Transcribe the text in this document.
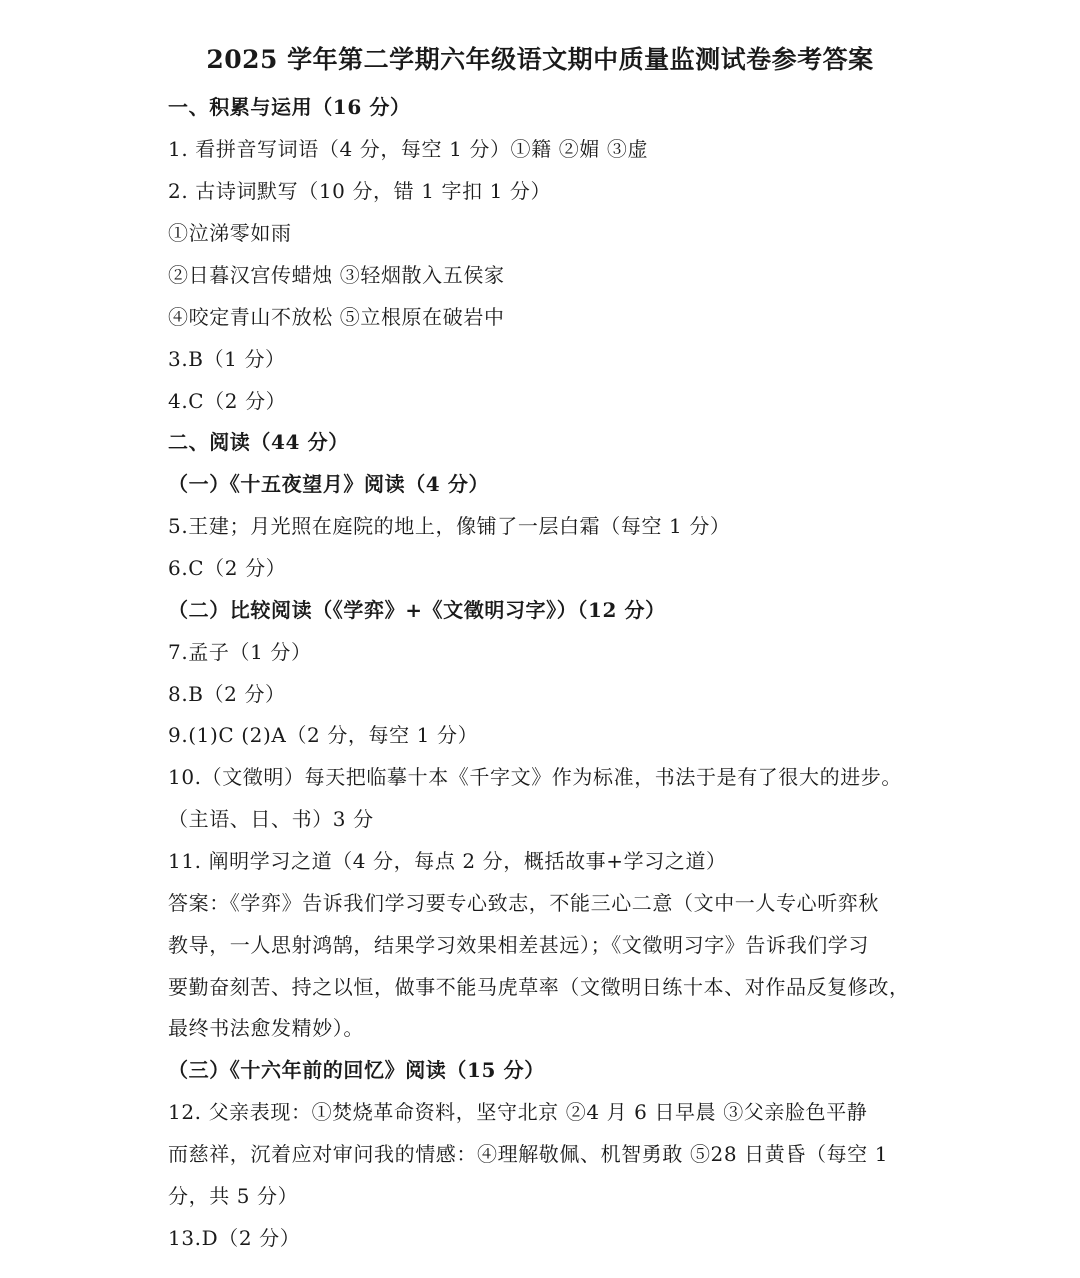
2025 学年第二学期六年级语文期中质量监测试卷参考答案
一、积累与运用（16 分）
1. 看拼音写词语（4 分，每空 1 分）①籍 ②媚 ③虚
2. 古诗词默写（10 分，错 1 字扣 1 分）
①泣涕零如雨
②日暮汉宫传蜡烛 ③轻烟散入五侯家
④咬定青山不放松 ⑤立根原在破岩中
3.B（1 分）
4.C（2 分）
二、阅读（44 分）
（一）《十五夜望月》阅读（4 分）
5.王建；月光照在庭院的地上，像铺了一层白霜（每空 1 分）
6.C（2 分）
（二）比较阅读（《学弈》+《文徵明习字》）（12 分）
7.孟子（1 分）
8.B（2 分）
9.(1)C (2)A（2 分，每空 1 分）
10.（文徵明）每天把临摹十本《千字文》作为标准，书法于是有了很大的进步。
（主语、日、书）3 分
11. 阐明学习之道（4 分，每点 2 分，概括故事+学习之道）
答案：《学弈》告诉我们学习要专心致志，不能三心二意（文中一人专心听弈秋
教导，一人思射鸿鹄，结果学习效果相差甚远）；《文徵明习字》告诉我们学习
要勤奋刻苦、持之以恒，做事不能马虎草率（文徵明日练十本、对作品反复修改，
最终书法愈发精妙）。
（三）《十六年前的回忆》阅读（15 分）
12. 父亲表现：①焚烧革命资料，坚守北京 ②4 月 6 日早晨 ③父亲脸色平静
而慈祥，沉着应对审问我的情感：④理解敬佩、机智勇敢 ⑤28 日黄昏（每空 1
分，共 5 分）
13.D（2 分）
